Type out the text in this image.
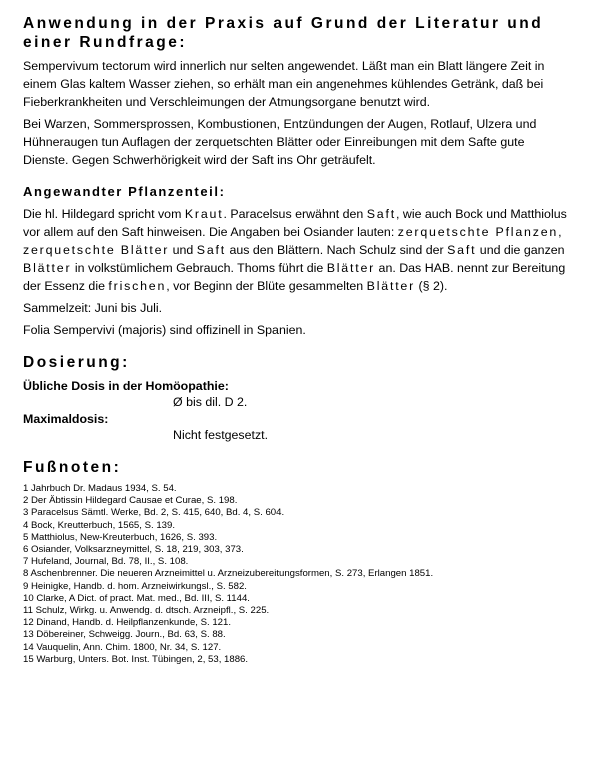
Anwendung in der Praxis auf Grund der Literatur und einer Rundfrage:

Sempervivum tectorum wird innerlich nur selten angewendet. Läßt man ein Blatt längere Zeit in einem Glas kaltem Wasser ziehen, so erhält man ein angenehmes kühlendes Getränk, daß bei Fieberkrankheiten und Verschleimungen der Atmungsorgane benutzt wird.

Bei Warzen, Sommersprossen, Kombustionen, Entzündungen der Augen, Rotlauf, Ulzera und Hühneraugen tun Auflagen der zerquetschten Blätter oder Einreibungen mit dem Safte gute Dienste. Gegen Schwerhörigkeit wird der Saft ins Ohr geträufelt.

Angewandter Pflanzenteil:

Die hl. Hildegard spricht vom Kraut. Paracelsus erwähnt den Saft, wie auch Bock und Matthiolus vor allem auf den Saft hinweisen. Die Angaben bei Osiander lauten: zerquetschte Pflanzen, zerquetschte Blätter und Saft aus den Blättern. Nach Schulz sind der Saft und die ganzen Blätter in volkstümlichem Gebrauch. Thoms führt die Blätter an. Das HAB. nennt zur Bereitung der Essenz die frischen, vor Beginn der Blüte gesammelten Blätter (§ 2).

Sammelzeit: Juni bis Juli.

Folia Sempervivi (majoris) sind offizinell in Spanien.

Dosierung:
Übliche Dosis in der Homöopathie:
Ø bis dil. D 2.
Maximaldosis:
Nicht festgesetzt.
Fußnoten:
1 Jahrbuch Dr. Madaus 1934, S. 54.
2 Der Äbtissin Hildegard Causae et Curae, S. 198.
3 Paracelsus Sämtl. Werke, Bd. 2, S. 415, 640, Bd. 4, S. 604.
4 Bock, Kreutterbuch, 1565, S. 139.
5 Matthiolus, New-Kreuterbuch, 1626, S. 393.
6 Osiander, Volksarzneymittel, S. 18, 219, 303, 373.
7 Hufeland, Journal, Bd. 78, II., S. 108.
8 Aschenbrenner. Die neueren Arzneimittel u. Arzneizubereitungsformen, S. 273, Erlangen 1851.
9 Heinigke, Handb. d. hom. Arzneiwirkungsl., S. 582.
10 Clarke, A Dict. of pract. Mat. med., Bd. III, S. 1144.
11 Schulz, Wirkg. u. Anwendg. d. dtsch. Arzneipfl., S. 225.
12 Dinand, Handb. d. Heilpflanzenkunde, S. 121.
13 Döbereiner, Schweigg. Journ., Bd. 63, S. 88.
14 Vauquelin, Ann. Chim. 1800, Nr. 34, S. 127.
15 Warburg, Unters. Bot. Inst. Tübingen, 2, 53, 1886.
